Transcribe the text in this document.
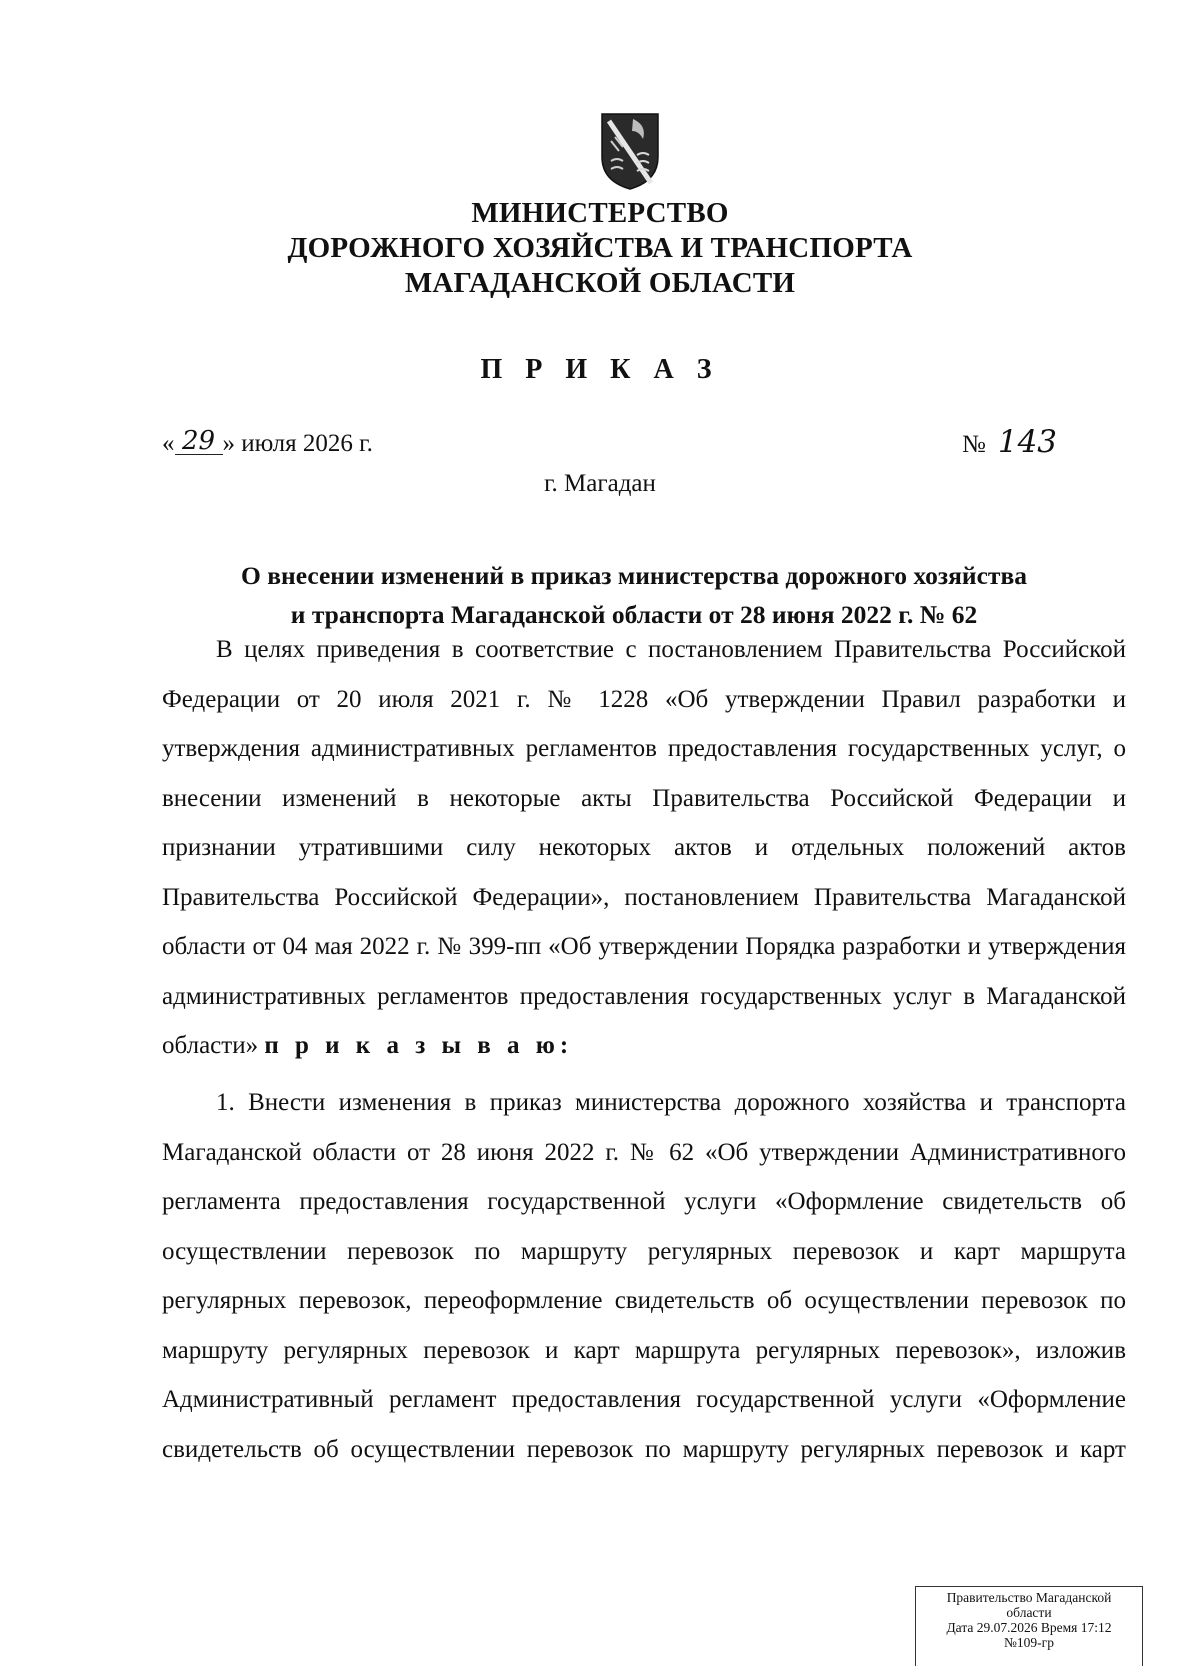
МИНИСТЕРСТВО
ДОРОЖНОГО ХОЗЯЙСТВА И ТРАНСПОРТА
МАГАДАНСКОЙ ОБЛАСТИ
П Р И К А З
« 29 » июля 2026 г.	№ 143
г. Магадан
О внесении изменений в приказ министерства дорожного хозяйства
и транспорта Магаданской области от 28 июня 2022 г. № 62
В целях приведения в соответствие с постановлением Правительства Российской Федерации от 20 июля 2021 г. № 1228 «Об утверждении Правил разработки и утверждения административных регламентов предоставления государственных услуг, о внесении изменений в некоторые акты Правительства Российской Федерации и признании утратившими силу некоторых актов и отдельных положений актов Правительства Российской Федерации», постановлением Правительства Магаданской области от 04 мая 2022 г. № 399-пп «Об утверждении Порядка разработки и утверждения административных регламентов предоставления государственных услуг в Магаданской области» п р и к а з ы в а ю:
1. Внести изменения в приказ министерства дорожного хозяйства и транспорта Магаданской области от 28 июня 2022 г. № 62 «Об утверждении Административного регламента предоставления государственной услуги «Оформление свидетельств об осуществлении перевозок по маршруту регулярных перевозок и карт маршрута регулярных перевозок, переоформление свидетельств об осуществлении перевозок по маршруту регулярных перевозок и карт маршрута регулярных перевозок», изложив Административный регламент предоставления государственной услуги «Оформление свидетельств об осуществлении перевозок по маршруту регулярных перевозок и карт
Правительство Магаданской
области
Дата 29.07.2026 Время 17:12
№109-гр
